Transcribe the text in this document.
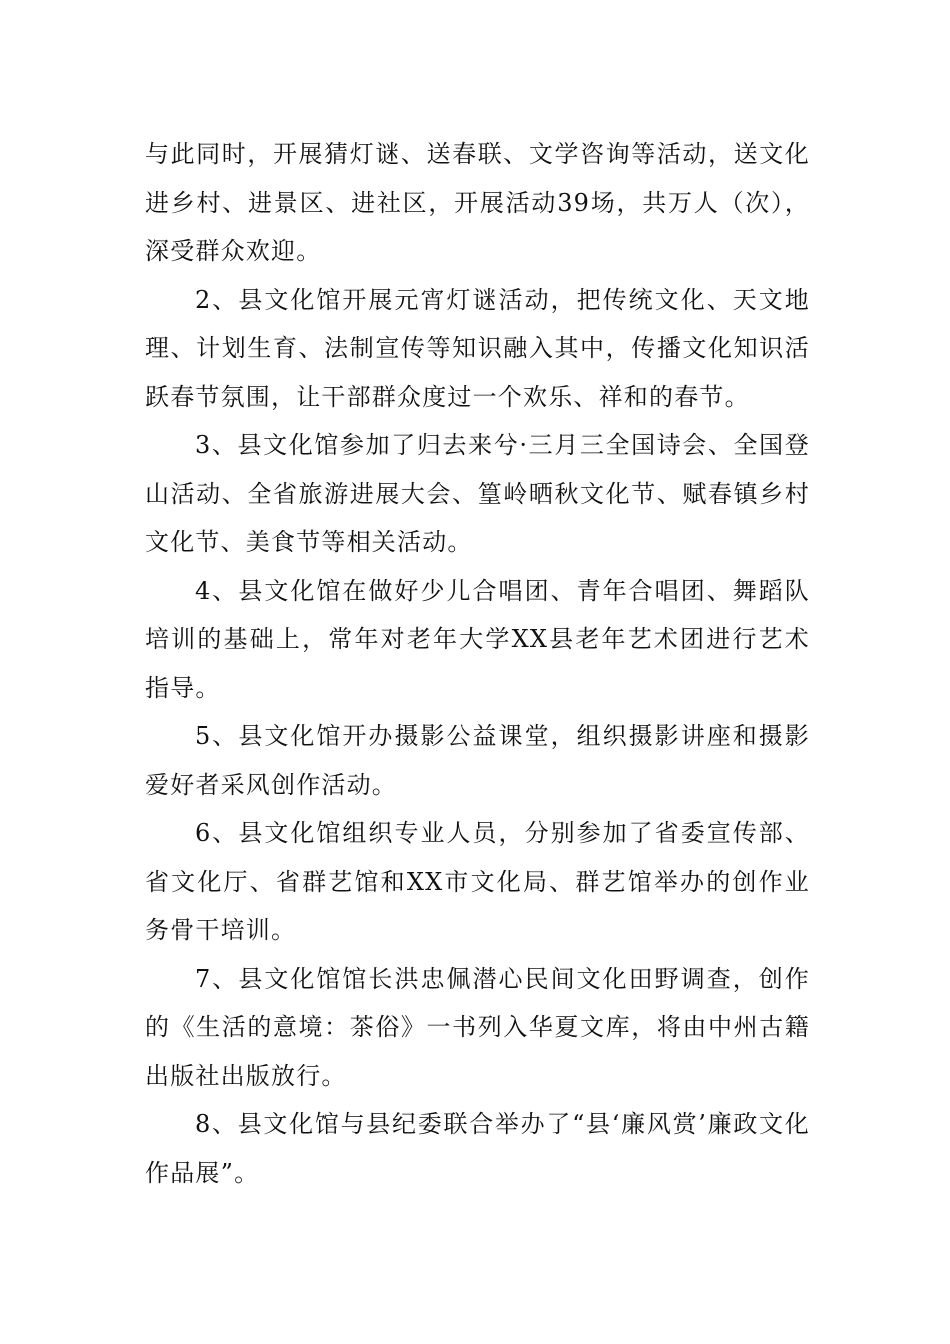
与此同时，开展猜灯谜、送春联、文学咨询等活动，送文化进乡村、进景区、进社区，开展活动39场，共万人（次），深受群众欢迎。

2、县文化馆开展元宵灯谜活动，把传统文化、天文地理、计划生育、法制宣传等知识融入其中，传播文化知识活跃春节氛围，让干部群众度过一个欢乐、祥和的春节。

3、县文化馆参加了归去来兮·三月三全国诗会、全国登山活动、全省旅游进展大会、篁岭晒秋文化节、赋春镇乡村文化节、美食节等相关活动。

4、县文化馆在做好少儿合唱团、青年合唱团、舞蹈队培训的基础上，常年对老年大学XX县老年艺术团进行艺术指导。

5、县文化馆开办摄影公益课堂，组织摄影讲座和摄影爱好者采风创作活动。

6、县文化馆组织专业人员，分别参加了省委宣传部、省文化厅、省群艺馆和XX市文化局、群艺馆举办的创作业务骨干培训。

7、县文化馆馆长洪忠佩潜心民间文化田野调查，创作的《生活的意境：茶俗》一书列入华夏文库，将由中州古籍出版社出版放行。

8、县文化馆与县纪委联合举办了“县‘廉风赏’廉政文化作品展”。
